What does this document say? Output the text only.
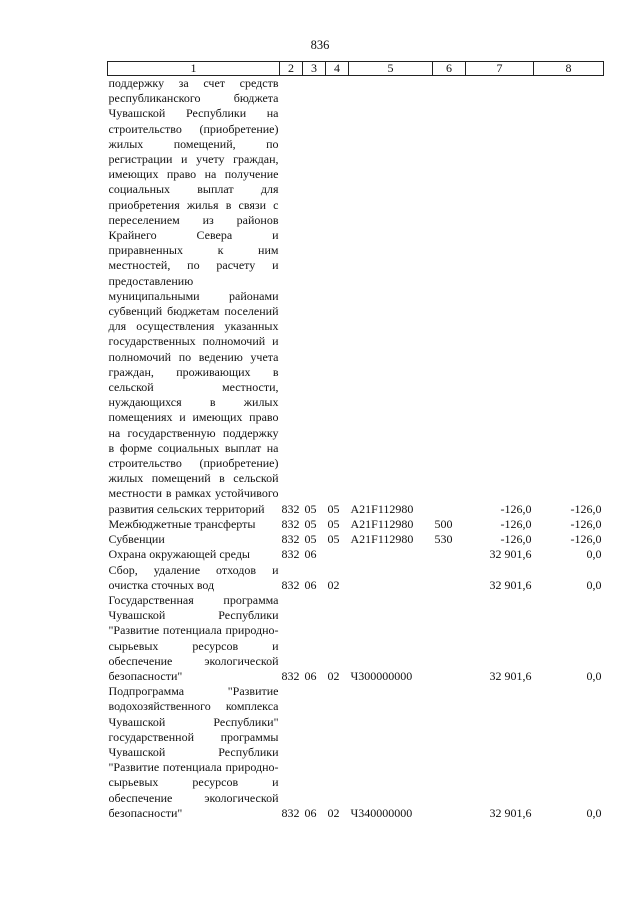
836
1	2	3	4	5	6	7	8
поддержку за счет средств республиканского бюджета Чувашской Республики на строительство (приобретение) жилых помещений, по регистрации и учету граждан, имеющих право на получение социальных выплат для приобретения жилья в связи с переселением из районов Крайнего Севера и приравненных к ним местностей, по расчету и предоставлению муниципальными районами субвенций бюджетам поселений для осуществления указанных государственных полномочий и полномочий по ведению учета граждан, проживающих в сельской местности, нуждающихся в жилых помещениях и имеющих право на государственную поддержку в форме социальных выплат на строительство (приобретение) жилых помещений в сельской местности в рамках устойчивого развития сельских территорий	832	05	05	А21F112980		-126,0	-126,0
Межбюджетные трансферты	832	05	05	А21F112980	500	-126,0	-126,0
Субвенции	832	05	05	А21F112980	530	-126,0	-126,0
Охрана окружающей среды	832	06				32 901,6	0,0
Сбор, удаление отходов и очистка сточных вод	832	06	02			32 901,6	0,0
Государственная программа Чувашской Республики "Развитие потенциала природно-сырьевых ресурсов и обеспечение экологической безопасности"	832	06	02	Ч300000000		32 901,6	0,0
Подпрограмма "Развитие водохозяйственного комплекса Чувашской Республики" государственной программы Чувашской Республики "Развитие потенциала природно-сырьевых ресурсов и обеспечение экологической безопасности"	832	06	02	Ч340000000		32 901,6	0,0
